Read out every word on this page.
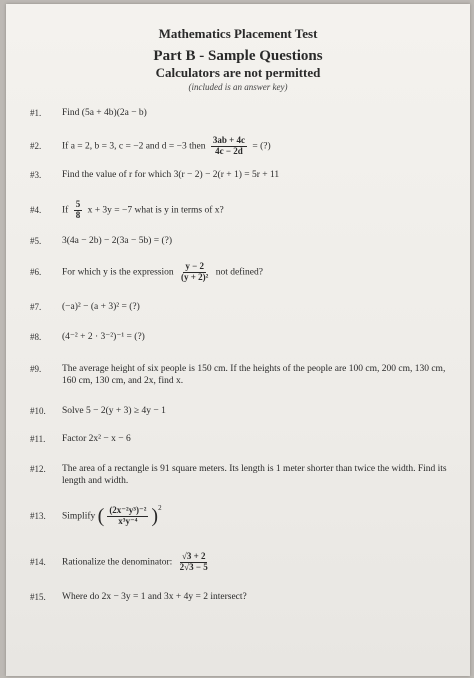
Mathematics Placement Test
Part B - Sample Questions
Calculators are not permitted
(included is an answer key)
#1.	Find (5a + 4b)(2a − b)
#2.	If a = 2, b = 3, c = −2 and d = −3 then $\frac{3ab + 4c}{4c - 2d}$ = (?)
#3.	Find the value of r for which 3(r − 2) − 2(r + 1) = 5r + 11
#4.	If $\frac{5}{8}$ x + 3y = −7 what is y in terms of x?
#5.	3(4a − 2b) − 2(3a − 5b) = (?)
#6.	For which y is the expression $\frac{y - 2}{\text{(y + 2)²}}$ not defined?
#7.	(−a)² − (a + 3)² = (?)
#8.	(4⁻² + 2 · 3⁻²)⁻¹ = (?)
#9.	The average height of six people is 150 cm. If the heights of the people are 100 cm, 200 cm, 130 cm, 160 cm, 130 cm, and 2x, find x.
#10.	Solve 5 − 2(y + 3) ≥ 4y − 1
#11.	Factor 2x² − x − 6
#12.	The area of a rectangle is 91 square meters. Its length is 1 meter shorter than twice the width. Find its length and width.
#13.	Simplify ( $\frac{\text{(2x⁻²y³)⁻²}}{\text{x³y⁻⁴}} )^2$
#14.	Rationalize the denominator: $\frac{√3 + 2}{2√3 - 5}$
#15.	Where do 2x − 3y = 1 and 3x + 4y = 2 intersect?
